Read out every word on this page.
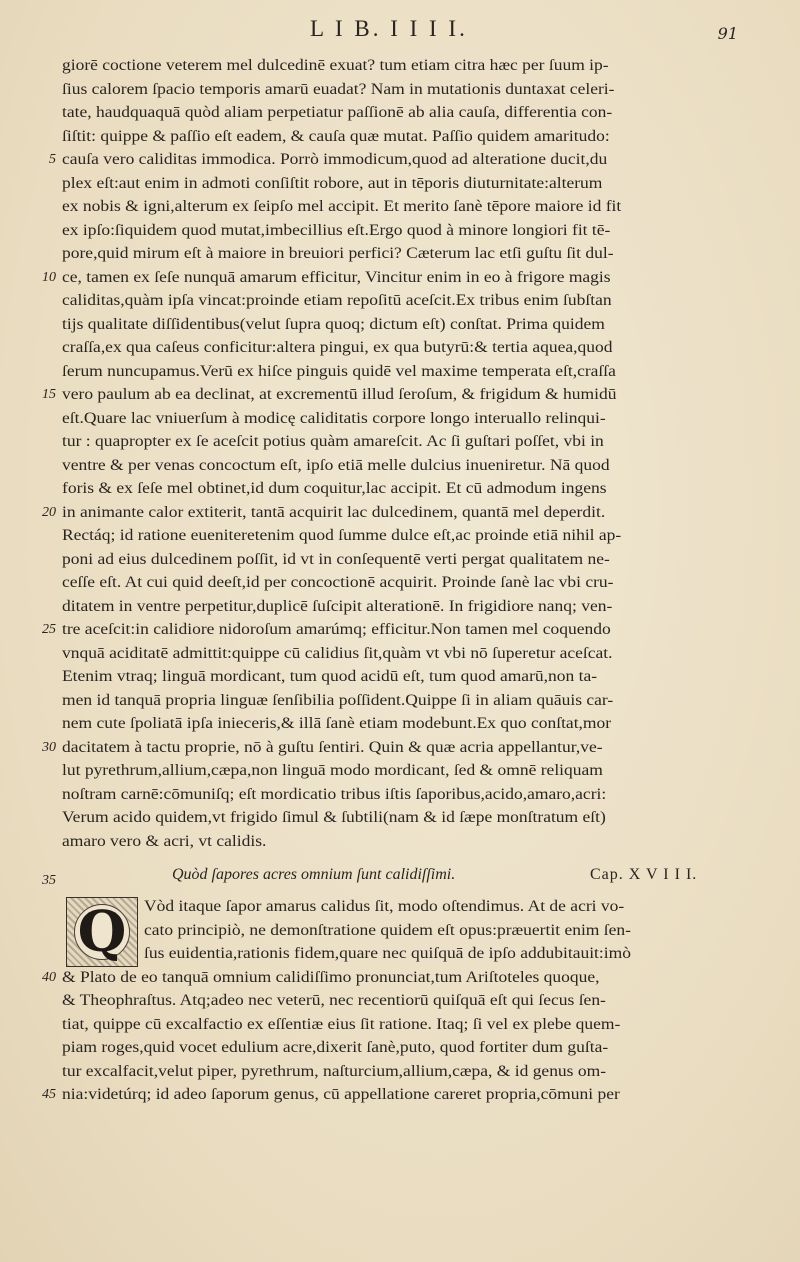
L I B. I I I I.	91
giorē coctione veterem mel dulcedinē exuat? tum etiam citra hæc per ſuum ip-
ſius calorem ſpacio temporis amarū euadat? Nam in mutationis duntaxat celeri-
tate, haudquaquā quòd aliam perpetiatur paſſionē ab alia cauſa, differentia con-
ſiſtit: quippe & paſſio eſt eadem, & cauſa quæ mutat. Paſſio quidem amaritudo:
5 cauſa vero caliditas immodica. Porrò immodicum,quod ad alteratione ducit,du
plex eſt:aut enim in admoti conſiſtit robore, aut in tēporis diuturnitate:alterum
ex nobis & igni,alterum ex ſeipſo mel accipit. Et merito ſanè tēpore maiore id fit
ex ipſo:ſiquidem quod mutat,imbecillius eſt.Ergo quod à minore longiori fit tē-
pore,quid mirum eſt à maiore in breuiori perfici? Cæterum lac etſi guſtu ſit dul-
10 ce, tamen ex ſeſe nunquā amarum efficitur, Vincitur enim in eo à frigore magis
caliditas,quàm ipſa vincat:proinde etiam repoſitū aceſcit.Ex tribus enim ſubſtan
tijs qualitate diſſidentibus(velut ſupra quoq; dictum eſt) conſtat. Prima quidem
craſſa,ex qua caſeus conficitur:altera pingui, ex qua butyrū:& tertia aquea,quod
ſerum nuncupamus.Verū ex hiſce pinguis quidē vel maxime temperata eſt,craſſa
15 vero paulum ab ea declinat, at excrementū illud ſeroſum, & frigidum & humidū
eſt.Quare lac vniuerſum à modicę caliditatis corpore longo interuallo relinqui-
tur : quapropter ex ſe aceſcit potius quàm amareſcit. Ac ſi guſtari poſſet, vbi in
ventre & per venas concoctum eſt, ipſo etiā melle dulcius inueniretur. Nā quod
foris & ex ſeſe mel obtinet,id dum coquitur,lac accipit. Et cū admodum ingens
20 in animante calor extiterit, tantā acquirit lac dulcedinem, quantā mel deperdit.
Rectáq; id ratione eueniteretenim quod ſumme dulce eſt,ac proinde etiā nihil ap-
poni ad eius dulcedinem poſſit, id vt in conſequentē verti pergat qualitatem ne-
ceſſe eſt. At cui quid deeſt,id per concoctionē acquirit. Proinde ſanè lac vbi cru-
ditatem in ventre perpetitur,duplicē ſuſcipit alterationē. In frigidiore nanq; ven-
25 tre aceſcit:in calidiore nidoroſum amarúmq; efficitur.Non tamen mel coquendo
vnquā aciditatē admittit:quippe cū calidius ſit,quàm vt vbi nō ſuperetur aceſcat.
Etenim vtraq; linguā mordicant, tum quod acidū eſt, tum quod amarū,non ta-
men id tanquā propria linguæ ſenſibilia poſſident.Quippe ſi in aliam quāuis car-
nem cute ſpoliatā ipſa inieceris,& illā ſanè etiam modebunt.Ex quo conſtat,mor
30 dacitatem à tactu proprie, nō à guſtu ſentiri. Quin & quæ acria appellantur,ve-
lut pyrethrum,allium,cæpa,non linguā modo mordicant, ſed & omnē reliquam
noſtram carnē:cōmuniſq; eſt mordicatio tribus iſtis ſaporibus,acido,amaro,acri:
Verum acido quidem,vt frigido ſimul & ſubtili(nam & id ſæpe monſtratum eſt)
amaro vero & acri, vt calidis.
35	Quòd ſapores acres omnium ſunt calidiſſimi.	Cap. X V I I I.
Q Vòd itaque ſapor amarus calidus ſit, modo oſtendimus. At de acri vo-
cato principiò, ne demonſtratione quidem eſt opus:præuertit enim ſen-
ſus euidentia,rationis fidem,quare nec quiſquā de ipſo addubitauit:imò
40 & Plato de eo tanquā omnium calidiſſimo pronunciat,tum Ariſtoteles quoque,
& Theophraſtus. Atq;adeo nec veterū, nec recentiorū quiſquā eſt qui ſecus ſen-
tiat, quippe cū excalfactio ex eſſentiæ eius ſit ratione. Itaq; ſi vel ex plebe quem-
piam roges,quid vocet edulium acre,dixerit ſanè,puto, quod fortiter dum guſta-
tur excalfacit,velut piper, pyrethrum, naſturcium,allium,cæpa, & id genus om-
45 nia:videtúrq; id adeo ſaporum genus, cū appellatione careret propria,cōmuni per
